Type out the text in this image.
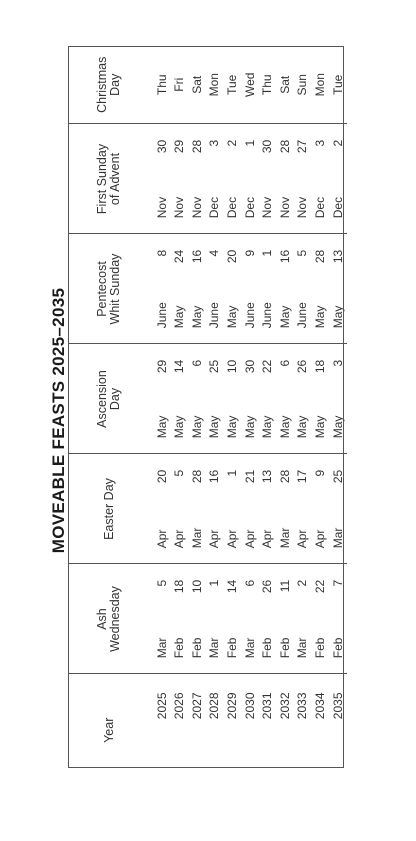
MOVEABLE FEASTS 2025–2035
Year	Ash Wednesday	Easter Day	Ascension Day	Pentecost Whit Sunday	First Sunday of Advent	Christmas Day

2025	Mar5	Apr20	May29	June8	Nov30	Thu
2026	Feb18	Apr5	May14	May24	Nov29	Fri
2027	Feb10	Mar28	May6	May16	Nov28	Sat
2028	Mar1	Apr16	May25	June4	Dec3	Mon
2029	Feb14	Apr1	May10	May20	Dec2	Tue
2030	Mar6	Apr21	May30	June9	Dec1	Wed
2031	Feb26	Apr13	May22	June1	Nov30	Thu
2032	Feb11	Mar28	May6	May16	Nov28	Sat
2033	Mar2	Apr17	May26	June5	Nov27	Sun
2034	Feb22	Apr9	May18	May28	Dec3	Mon
2035	Feb7	Mar25	May3	May13	Dec2	Tue
